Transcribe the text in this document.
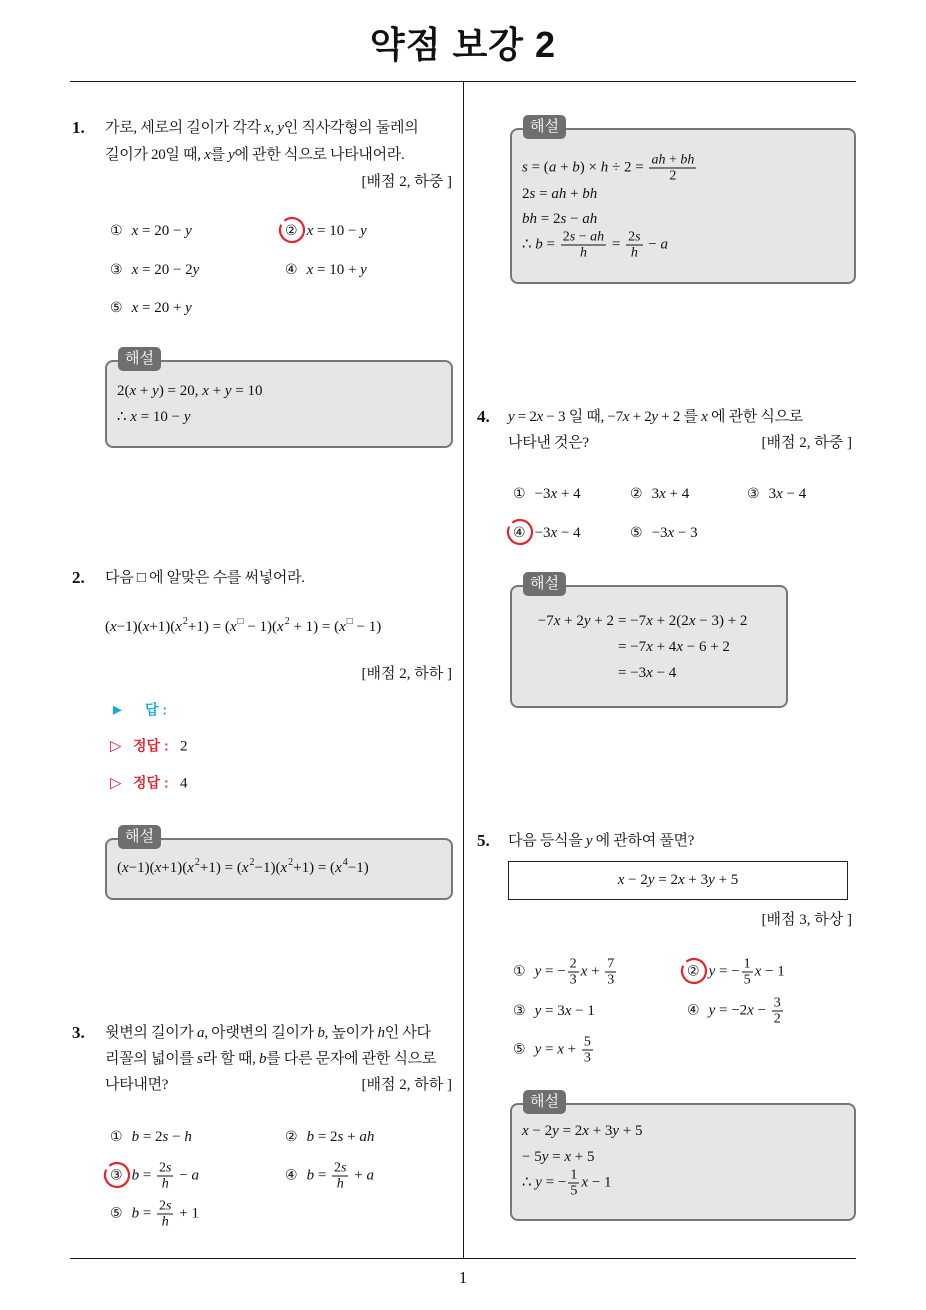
약점 보강 2
1. 가로, 세로의 길이가 각각 x, y인 직사각형의 둘레의
길이가 20일 때, x를 y에 관한 식으로 나타내어라.
[배점 2, 하중 ]
① x = 20 − y	② x = 10 − y
③ x = 20 − 2y	④ x = 10 + y
⑤ x = 20 + y
해설
2(x + y) = 20, x + y = 10
∴ x = 10 − y
2. 다음 □ 에 알맞은 수를 써넣어라.
$(x-1)(x+1)(x^2+1) = (x^□ - 1)(x^2 + 1) = (x^□ - 1)$
[배점 2, 하하 ]
► 답 :
▷ 정답 : 2
▷ 정답 : 4
해설
$(x-1)(x+1)(x^2+1) = (x^2-1)(x^2+1) = (x^4-1)$
3. 윗변의 길이가 a, 아랫변의 길이가 b, 높이가 h인 사다
리꼴의 넓이를 s라 할 때, b를 다른 문자에 관한 식으로
나타내면?	[배점 2, 하하 ]
① b = 2s − h	② b = 2s + ah
③ $b = \frac{2s}{h} - a$	④ $b = \frac{2s}{h} + a$
⑤ $b = \frac{2s}{h} + 1$
해설
$s = (a + b) \times h \div 2 = \frac{ah + bh}{2}$
2s = ah + bh
bh = 2s − ah
∴ $b = \frac{2s - ah}{h} = \frac{2s}{h} - a$
4. y = 2x − 3 일 때, −7x + 2y + 2 를 x 에 관한 식으로
나타낸 것은?	[배점 2, 하중 ]
① −3x + 4	② 3x + 4	③ 3x − 4
④ −3x − 4	⑤ −3x − 3
해설
−7x + 2y + 2 = −7x + 2(2x − 3) + 2
= −7x + 4x − 6 + 2
= −3x − 4
5. 다음 등식을 y 에 관하여 풀면?
x − 2y = 2x + 3y + 5
[배점 3, 하상 ]
① y = − $\frac{2}{3}$ $x + \frac{7}{3}$	② y = − $\frac{1}{5}$ x − 1
③ y = 3x − 1	④ $y = -2x - \frac{3}{2}$
⑤ $y = x + \frac{5}{3}$
해설
x − 2y = 2x + 3y + 5
− 5y = x + 5
∴ y = − $\frac{1}{5}$ x − 1
1
